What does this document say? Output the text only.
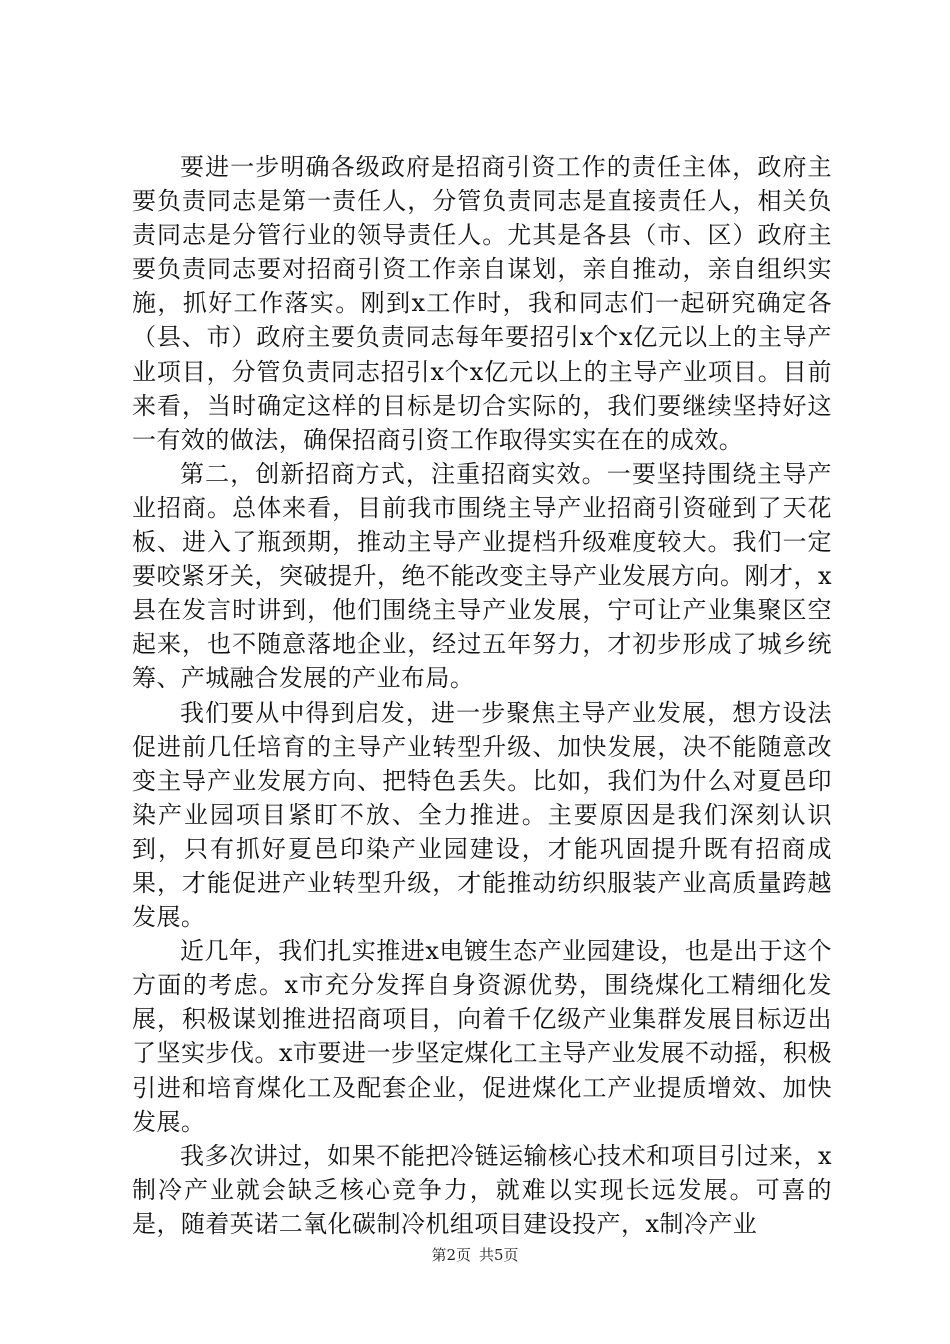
要进一步明确各级政府是招商引资工作的责任主体，政府主要负责同志是第一责任人，分管负责同志是直接责任人，相关负责同志是分管行业的领导责任人。尤其是各县（市、区）政府主要负责同志要对招商引资工作亲自谋划，亲自推动，亲自组织实施，抓好工作落实。刚到x工作时，我和同志们一起研究确定各（县、市）政府主要负责同志每年要招引x个x亿元以上的主导产业项目，分管负责同志招引x个x亿元以上的主导产业项目。目前来看，当时确定这样的目标是切合实际的，我们要继续坚持好这一有效的做法，确保招商引资工作取得实实在在的成效。

第二，创新招商方式，注重招商实效。一要坚持围绕主导产业招商。总体来看，目前我市围绕主导产业招商引资碰到了天花板、进入了瓶颈期，推动主导产业提档升级难度较大。我们一定要咬紧牙关，突破提升，绝不能改变主导产业发展方向。刚才，x县在发言时讲到，他们围绕主导产业发展，宁可让产业集聚区空起来，也不随意落地企业，经过五年努力，才初步形成了城乡统筹、产城融合发展的产业布局。

我们要从中得到启发，进一步聚焦主导产业发展，想方设法促进前几任培育的主导产业转型升级、加快发展，决不能随意改变主导产业发展方向、把特色丢失。比如，我们为什么对夏邑印染产业园项目紧盯不放、全力推进。主要原因是我们深刻认识到，只有抓好夏邑印染产业园建设，才能巩固提升既有招商成果，才能促进产业转型升级，才能推动纺织服装产业高质量跨越发展。

近几年，我们扎实推进x电镀生态产业园建设，也是出于这个方面的考虑。x市充分发挥自身资源优势，围绕煤化工精细化发展，积极谋划推进招商项目，向着千亿级产业集群发展目标迈出了坚实步伐。x市要进一步坚定煤化工主导产业发展不动摇，积极引进和培育煤化工及配套企业，促进煤化工产业提质增效、加快发展。

我多次讲过，如果不能把冷链运输核心技术和项目引过来，x制冷产业就会缺乏核心竞争力，就难以实现长远发展。可喜的是，随着英诺二氧化碳制冷机组项目建设投产，x制冷产业

第2页 共5页
